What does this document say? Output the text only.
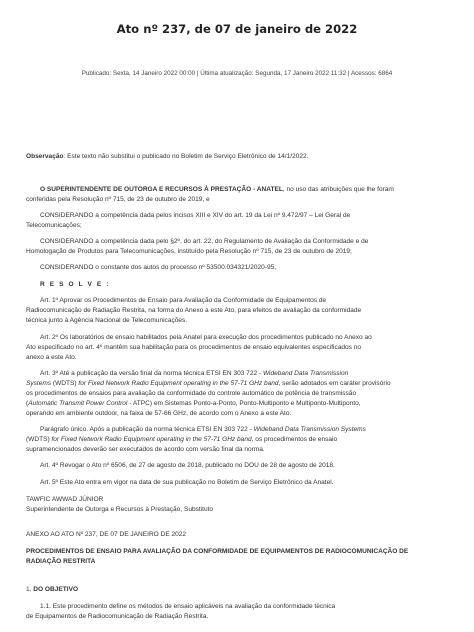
Ato nº 237, de 07 de janeiro de 2022
Publicado: Sexta, 14 Janeiro 2022 00:00 | Última atualização: Segunda, 17 Janeiro 2022 11:32 | Acessos: 6864

Observação: Este texto não substitui o publicado no Boletim de Serviço Eletrônico de 14/1/2022.

O SUPERINTENDENTE DE OUTORGA E RECURSOS À PRESTAÇÃO - ANATEL, no uso das atribuições que lhe foram

conferidas pela Resolução nº 715, de 23 de outubro de 2019, e

CONSIDERANDO a competência dada pelos incisos XIII e XIV do art. 19 da Lei nº 9.472/97 – Lei Geral de

Telecomunicações;

CONSIDERANDO a competência dada pelo §2º, do art. 22, do Regulamento de Avaliação da Conformidade e de

Homologação de Produtos para Telecomunicações, instituído pela Resolução nº 715, de 23 de outubro de 2019;

CONSIDERANDO o constante dos autos do processo nº 53500.034321/2020-95,

R E S O L V E :

Art. 1º Aprovar os Procedimentos de Ensaio para Avaliação da Conformidade de Equipamentos de

Radiocomunicação de Radiação Restrita, na forma do Anexo a este Ato, para efeitos de avaliação da conformidade

técnica junto à Agência Nacional de Telecomunicações.

Art. 2º Os laboratórios de ensaio habilitados pela Anatel para execução dos procedimentos publicado no Anexo ao

Ato especificado no art. 4º mantêm sua habilitação para os procedimentos de ensaio equivalentes especificados no

anexo a este Ato.

Art. 3º Até a publicação da versão final da norma técnica ETSI EN 303 722 - Wideband Data Transmission

Systems (WDTS) for Fixed Network Radio Equipment operating in the 57-71 GHz band, serão adotados em caráter provisório

os procedimentos de ensaios para avaliação da conformidade do controle automático de potência de transmissão

(Automatic Transmit Power Control - ATPC) em Sistemas Ponto-a-Ponto, Ponto-Multiponto e Multiponto-Multiponto,

operando em ambiente outdoor, na faixa de 57-66 GHz, de acordo com o Anexo a este Ato.

Parágrafo único. Após a publicação da norma técnica ETSI EN 303 722 - Wideband Data Transmission Systems

(WDTS) for Fixed Network Radio Equipment operating in the 57-71 GHz band, os procedimentos de ensaio

supramencionados deverão ser executados de acordo com versão final da norma.

Art. 4º Revogar o Ato nº 6506, de 27 de agosto de 2018, publicado no DOU de 28 de agosto de 2018.

Art. 5º Este Ato entra em vigor na data de sua publicação no Boletim de Serviço Eletrônico da Anatel.

TAWFIC AWWAD JÚNIOR

Superintendente de Outorga e Recursos à Prestação, Substituto

ANEXO AO ATO Nº 237, DE 07 DE JANEIRO DE 2022

PROCEDIMENTOS DE ENSAIO PARA AVALIAÇÃO DA CONFORMIDADE DE EQUIPAMENTOS DE RADIOCOMUNICAÇÃO DE

RADIAÇÃO RESTRITA

1. DO OBJETIVO

1.1. Este procedimento define os métodos de ensaio aplicáveis na avaliação da conformidade técnica

de Equipamentos de Radiocomunicação de Radiação Restrita.
